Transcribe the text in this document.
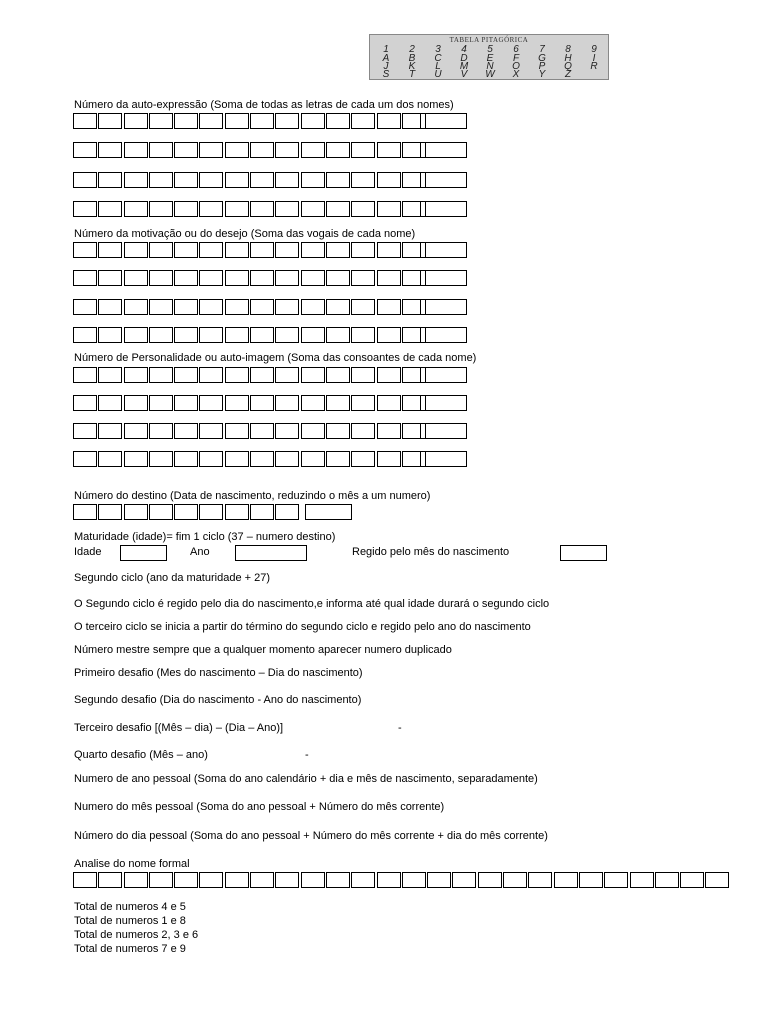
TABELA PITAGÓRICA
1	2	3	4	5	6	7	8	9
A	B	C	D	E	F	G	H	I
J	K	L	M	N	O	P	Q	R
S	T	U	V	W	X	Y	Z
Número da auto-expressão (Soma de todas as letras de cada um dos nomes)
Número da motivação ou do desejo (Soma das vogais de cada nome)
Número de Personalidade ou auto-imagem (Soma das consoantes de cada nome)
Número do destino (Data de nascimento, reduzindo o mês a um numero)
Maturidade (idade)= fim 1 ciclo (37 – numero destino)
Idade	Ano	Regido pelo mês do nascimento
Segundo ciclo (ano da maturidade + 27)
O Segundo ciclo é regido pelo dia do nascimento,e informa até qual idade durará o segundo ciclo
O terceiro ciclo se inicia a partir do término do segundo ciclo e regido pelo ano do nascimento
Número mestre sempre que a qualquer momento aparecer numero duplicado
Primeiro desafio (Mes do nascimento – Dia do nascimento)
Segundo desafio (Dia do nascimento - Ano do nascimento)
Terceiro desafio [(Mês – dia) – (Dia – Ano)]	-
Quarto desafio (Mês – ano)	-
Numero de ano pessoal (Soma do ano calendário + dia e mês de nascimento, separadamente)
Numero do mês pessoal (Soma do ano pessoal + Número do mês corrente)
Número do dia pessoal (Soma do ano pessoal + Número do mês corrente + dia do mês corrente)
Analise do nome formal
Total de numeros 4 e 5
Total de numeros 1 e 8
Total de numeros 2, 3 e 6
Total de numeros 7 e 9
